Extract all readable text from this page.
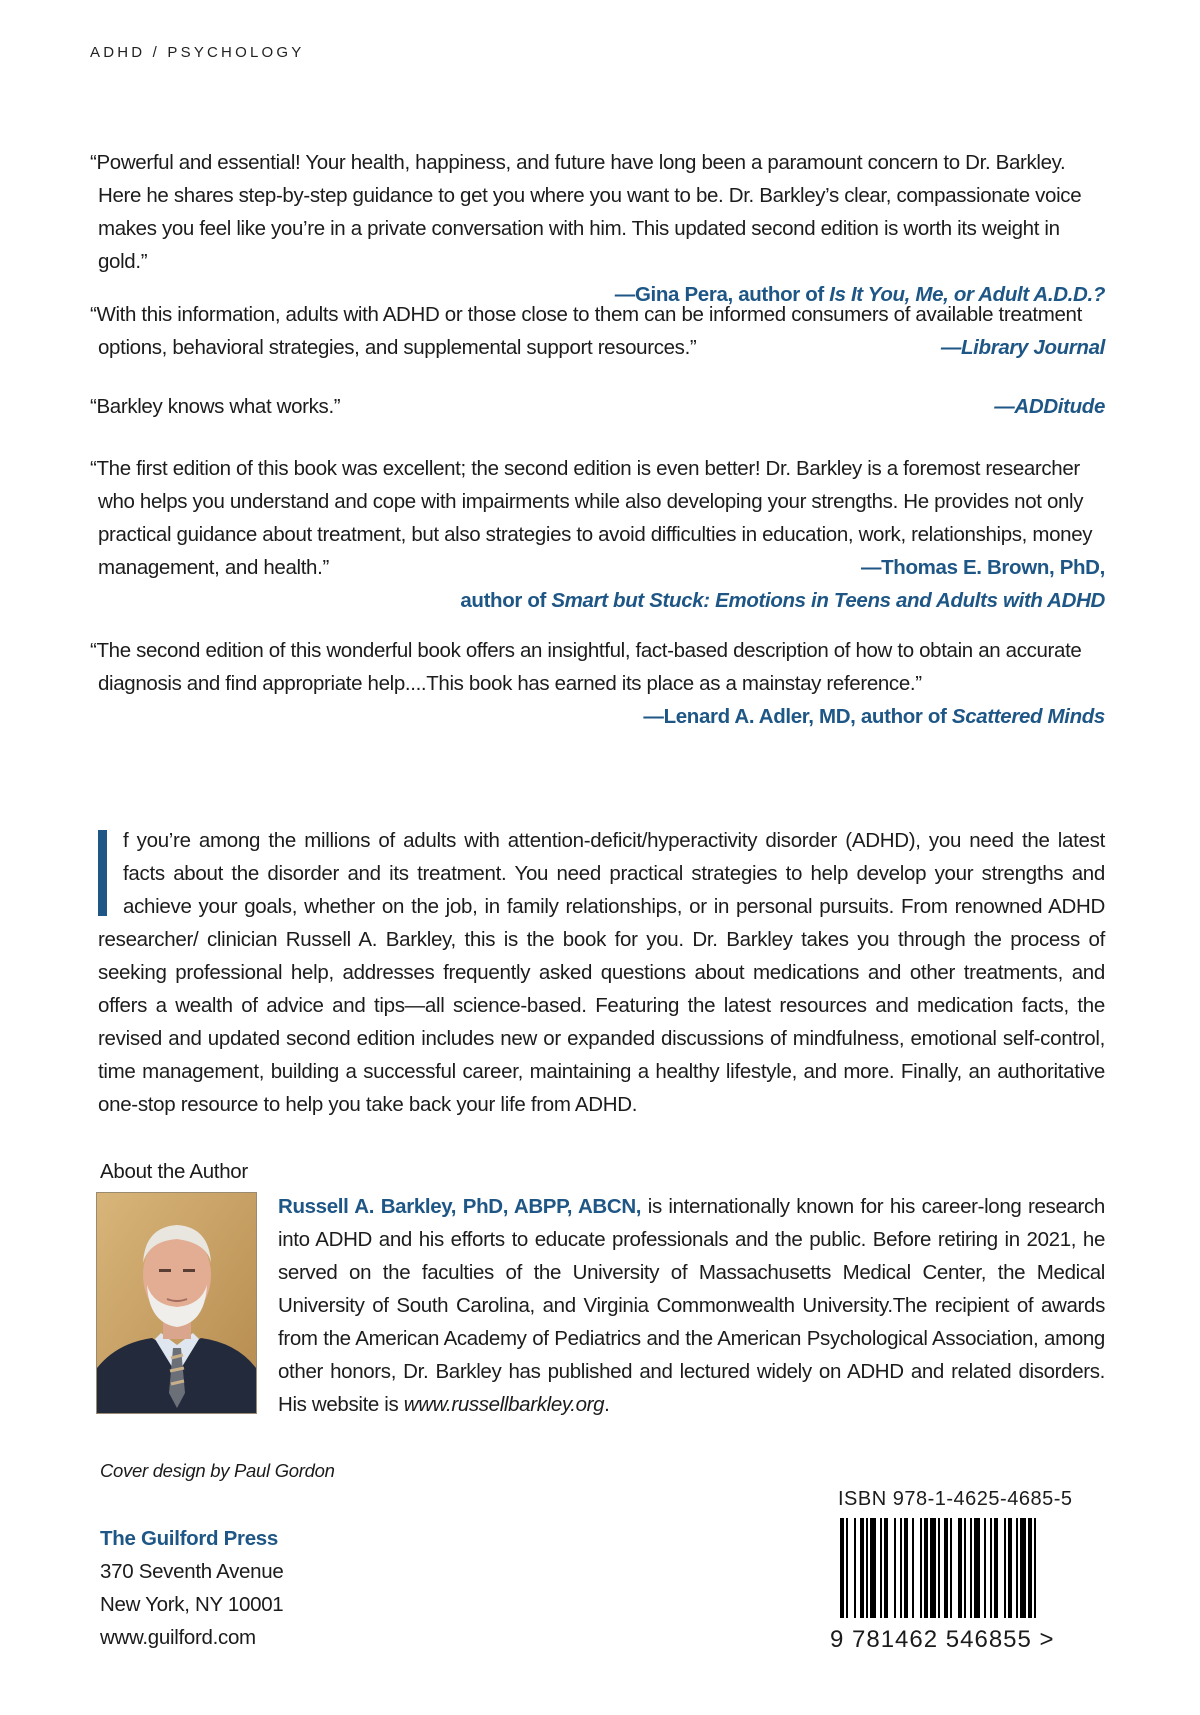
ADHD / PSYCHOLOGY

“Powerful and essential! Your health, happiness, and future have long been a paramount concern to Dr. Barkley. Here he shares step-by-step guidance to get you where you want to be. Dr. Barkley’s clear, compassionate voice makes you feel like you’re in a private conversation with him. This updated second edition is worth its weight in gold.”

—Gina Pera, author of Is It You, Me, or Adult A.D.D.?

“With this information, adults with ADHD or those close to them can be informed consumers of available treatment options, behavioral strategies, and supplemental support resources.”	—Library Journal

“Barkley knows what works.”	—ADDitude

“The first edition of this book was excellent; the second edition is even better! Dr. Barkley is a foremost researcher who helps you understand and cope with impairments while also developing your strengths. He provides not only practical guidance about treatment, but also strategies to avoid difficulties in education, work, relationships, money management, and health.”	—Thomas E. Brown, PhD,

author of Smart but Stuck: Emotions in Teens and Adults with ADHD

“The second edition of this wonderful book offers an insightful, fact-based description of how to obtain an accurate diagnosis and find appropriate help....This book has earned its place as a mainstay reference.”

—Lenard A. Adler, MD, author of Scattered Minds
f you’re among the millions of adults with attention-deficit/hyperactivity disorder (ADHD), you need the latest facts about the disorder and its treatment. You need practical strategies to help develop your strengths and achieve your goals, whether on the job, in family relationships, or in personal pursuits. From renowned ADHD researcher/ clinician Russell A. Barkley, this is the book for you. Dr. Barkley takes you through the process of seeking professional help, addresses frequently asked questions about medications and other treatments, and offers a wealth of advice and tips—all science-based. Featuring the latest resources and medication facts, the revised and updated second edition includes new or expanded discussions of mindfulness, emotional self-control, time management, building a successful career, maintaining a healthy lifestyle, and more. Finally, an authoritative one-stop resource to help you take back your life from ADHD.
About the Author
Russell A. Barkley, PhD, ABPP, ABCN, is internationally known for his career-long research into ADHD and his efforts to educate professionals and the public. Before retiring in 2021, he served on the faculties of the University of Massachusetts Medical Center, the Medical University of South Carolina, and Virginia Commonwealth University.The recipient of awards from the American Academy of Pediatrics and the American Psychological Association, among other honors, Dr. Barkley has published and lectured widely on ADHD and related disorders. His website is www.russellbarkley.org.
Cover design by Paul Gordon
The Guilford Press
370 Seventh Avenue
New York, NY 10001
www.guilford.com
ISBN 978-1-4625-4685-5
9 781462 546855 >
